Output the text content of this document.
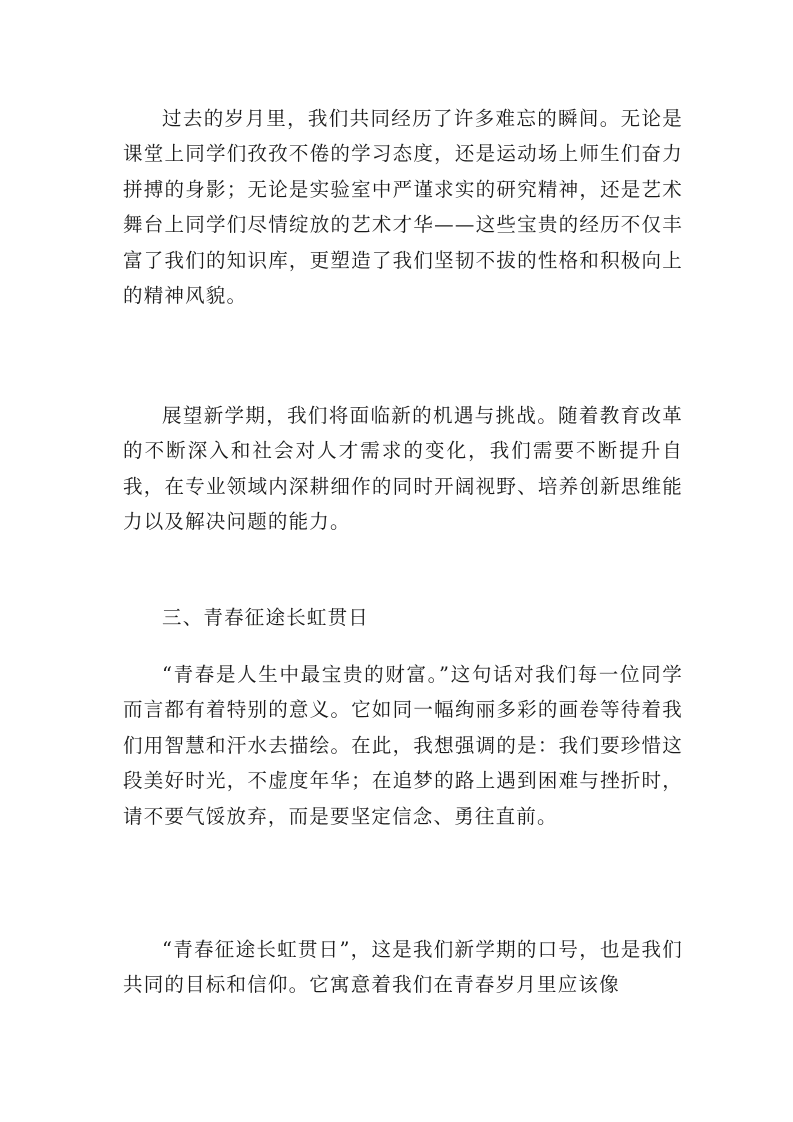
过去的岁月里，我们共同经历了许多难忘的瞬间。无论是课堂上同学们孜孜不倦的学习态度，还是运动场上师生们奋力拼搏的身影；无论是实验室中严谨求实的研究精神，还是艺术舞台上同学们尽情绽放的艺术才华——这些宝贵的经历不仅丰富了我们的知识库，更塑造了我们坚韧不拔的性格和积极向上的精神风貌。

展望新学期，我们将面临新的机遇与挑战。随着教育改革的不断深入和社会对人才需求的变化，我们需要不断提升自我，在专业领域内深耕细作的同时开阔视野、培养创新思维能力以及解决问题的能力。

三、青春征途长虹贯日

“青春是人生中最宝贵的财富。”这句话对我们每一位同学而言都有着特别的意义。它如同一幅绚丽多彩的画卷等待着我们用智慧和汗水去描绘。在此，我想强调的是：我们要珍惜这段美好时光，不虚度年华；在追梦的路上遇到困难与挫折时，请不要气馁放弃，而是要坚定信念、勇往直前。

“青春征途长虹贯日”，这是我们新学期的口号，也是我们共同的目标和信仰。它寓意着我们在青春岁月里应该像
